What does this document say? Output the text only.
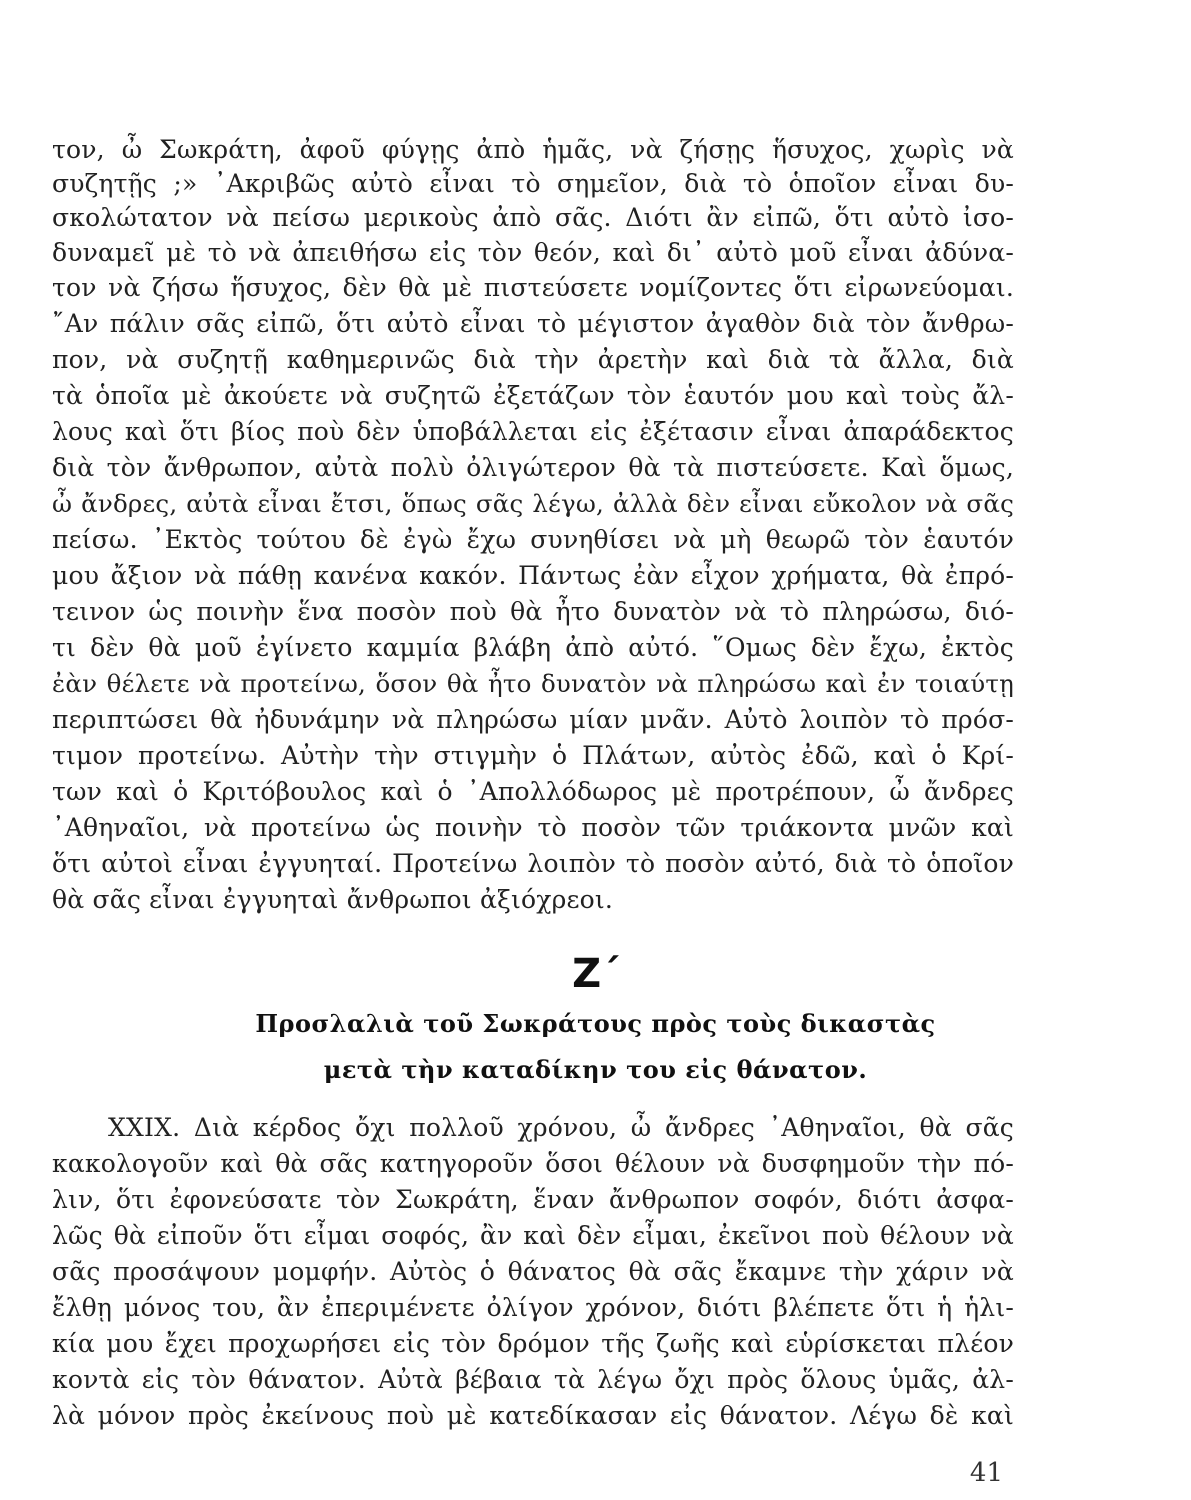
τον, ὦ Σωκράτη, ἀφοῦ φύγῃς ἀπὸ ἡμᾶς, νὰ ζήσῃς ἥσυχος, χωρὶς νὰ
συζητῇς ;» ᾿Ακριβῶς αὐτὸ εἶναι τὸ σημεῖον, διὰ τὸ ὁποῖον εἶναι δυ-
σκολώτατον νὰ πείσω μερικοὺς ἀπὸ σᾶς. Διότι ἂν εἰπῶ, ὅτι αὐτὸ ἰσο-
δυναμεῖ μὲ τὸ νὰ ἀπειθήσω εἰς τὸν θεόν, καὶ δι᾽ αὐτὸ μοῦ εἶναι ἀδύνα-
τον νὰ ζήσω ἥσυχος, δὲν θὰ μὲ πιστεύσετε νομίζοντες ὅτι εἰρωνεύομαι.
῎Αν πάλιν σᾶς εἰπῶ, ὅτι αὐτὸ εἶναι τὸ μέγιστον ἀγαθὸν διὰ τὸν ἄνθρω-
πον, νὰ συζητῇ καθημερινῶς διὰ τὴν ἀρετὴν καὶ διὰ τὰ ἄλλα, διὰ
τὰ ὁποῖα μὲ ἀκούετε νὰ συζητῶ ἐξετάζων τὸν ἑαυτόν μου καὶ τοὺς ἄλ-
λους καὶ ὅτι βίος ποὺ δὲν ὑποβάλλεται εἰς ἐξέτασιν εἶναι ἀπαράδεκτος
διὰ τὸν ἄνθρωπον, αὐτὰ πολὺ ὀλιγώτερον θὰ τὰ πιστεύσετε. Καὶ ὅμως,
ὦ ἄνδρες, αὐτὰ εἶναι ἔτσι, ὅπως σᾶς λέγω, ἀλλὰ δὲν εἶναι εὔκολον νὰ σᾶς
πείσω. ᾿Εκτὸς τούτου δὲ ἐγὼ ἔχω συνηθίσει νὰ μὴ θεωρῶ τὸν ἑαυτόν
μου ἄξιον νὰ πάθῃ κανένα κακόν. Πάντως ἐὰν εἶχον χρήματα, θὰ ἐπρό-
τεινον ὡς ποινὴν ἕνα ποσὸν ποὺ θὰ ἦτο δυνατὸν νὰ τὸ πληρώσω, διό-
τι δὲν θὰ μοῦ ἐγίνετο καμμία βλάβη ἀπὸ αὐτό. ῞Ομως δὲν ἔχω, ἐκτὸς
ἐὰν θέλετε νὰ προτείνω, ὅσον θὰ ἦτο δυνατὸν νὰ πληρώσω καὶ ἐν τοιαύτῃ
περιπτώσει θὰ ἠδυνάμην νὰ πληρώσω μίαν μνᾶν. Αὐτὸ λοιπὸν τὸ πρόσ-
τιμον προτείνω. Αὐτὴν τὴν στιγμὴν ὁ Πλάτων, αὐτὸς ἐδῶ, καὶ ὁ Κρί-
των καὶ ὁ Κριτόβουλος καὶ ὁ ᾿Απολλόδωρος μὲ προτρέπουν, ὦ ἄνδρες
᾿Αθηναῖοι, νὰ προτείνω ὡς ποινὴν τὸ ποσὸν τῶν τριάκοντα μνῶν καὶ
ὅτι αὐτοὶ εἶναι ἐγγυηταί. Προτείνω λοιπὸν τὸ ποσὸν αὐτό, διὰ τὸ ὁποῖον
θὰ σᾶς εἶναι ἐγγυηταὶ ἄνθρωποι ἀξιόχρεοι.
Ζ΄
Προσλαλιὰ τοῦ Σωκράτους πρὸς τοὺς δικαστὰς
μετὰ τὴν καταδίκην του εἰς θάνατον.
XXIX. Διὰ κέρδος ὄχι πολλοῦ χρόνου, ὦ ἄνδρες ᾿Αθηναῖοι, θὰ σᾶς
κακολογοῦν καὶ θὰ σᾶς κατηγοροῦν ὅσοι θέλουν νὰ δυσφημοῦν τὴν πό-
λιν, ὅτι ἐφονεύσατε τὸν Σωκράτη, ἕναν ἄνθρωπον σοφόν, διότι ἀσφα-
λῶς θὰ εἰποῦν ὅτι εἶμαι σοφός, ἂν καὶ δὲν εἶμαι, ἐκεῖνοι ποὺ θέλουν νὰ
σᾶς προσάψουν μομφήν. Αὐτὸς ὁ θάνατος θὰ σᾶς ἔκαμνε τὴν χάριν νὰ
ἔλθῃ μόνος του, ἂν ἐπεριμένετε ὀλίγον χρόνον, διότι βλέπετε ὅτι ἡ ἡλι-
κία μου ἔχει προχωρήσει εἰς τὸν δρόμον τῆς ζωῆς καὶ εὑρίσκεται πλέον
κοντὰ εἰς τὸν θάνατον. Αὐτὰ βέβαια τὰ λέγω ὄχι πρὸς ὅλους ὑμᾶς, ἀλ-
λὰ μόνον πρὸς ἐκείνους ποὺ μὲ κατεδίκασαν εἰς θάνατον. Λέγω δὲ καὶ
41
